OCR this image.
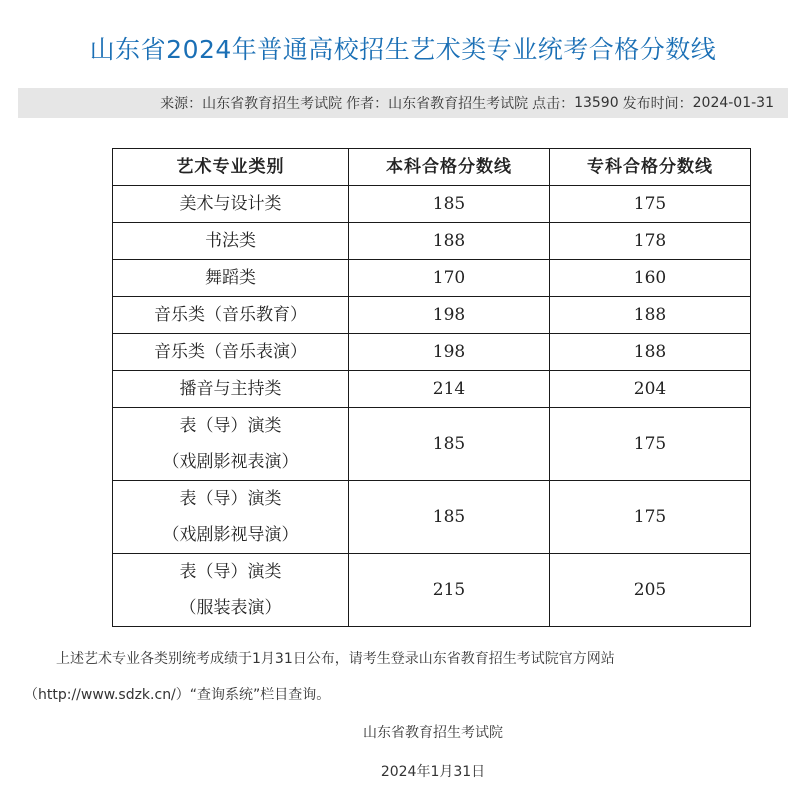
山东省2024年普通高校招生艺术类专业统考合格分数线
来源： 山东省教育招生考试院 作者： 山东省教育招生考试院 点击： 13590 发布时间： 2024-01-31
艺术专业类别	本科合格分数线	专科合格分数线
美术与设计类	185	175
书法类	188	178
舞蹈类	170	160
音乐类（音乐教育）	198	188
音乐类（音乐表演）	198	188
播音与主持类	214	204

表（导）演类
（戏剧影视表演）	185	175

表（导）演类
（戏剧影视导演）	185	175

表（导）演类
（服装表演）	215	205
上述艺术专业各类别统考成绩于1月31日公布，请考生登录山东省教育招生考试院官方网站
（http://www.sdzk.cn/）“查询系统”栏目查询。
山东省教育招生考试院
2024年1月31日
